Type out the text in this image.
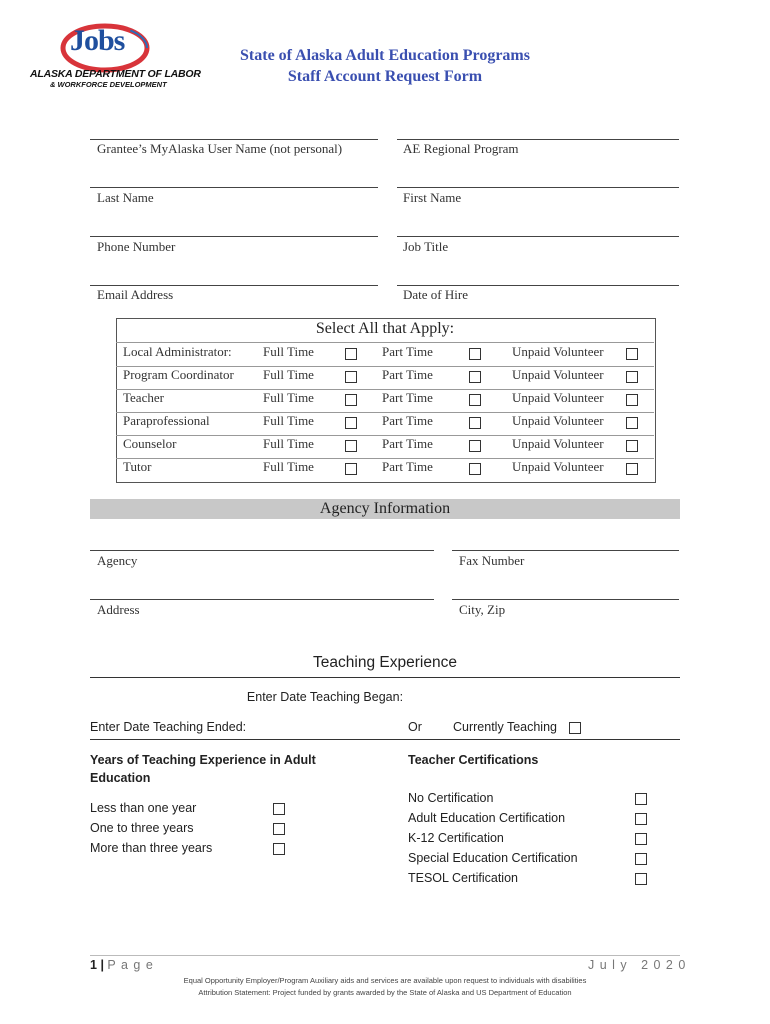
Jobs
ALASKA DEPARTMENT OF LABOR
& WORKFORCE DEVELOPMENT
State of Alaska Adult Education Programs
Staff Account Request Form
Grantee’s MyAlaska User Name (not personal)	AE Regional Program
Last Name	First Name
Phone Number	Job Title
Email Address	Date of Hire
Select All that Apply:
Local Administrator: Full Time	Part Time	Unpaid Volunteer
Program Coordinator Full Time	Part Time	Unpaid Volunteer
Teacher	Full Time	Part Time	Unpaid Volunteer
Paraprofessional	Full Time	Part Time	Unpaid Volunteer
Counselor	Full Time	Part Time	Unpaid Volunteer
Tutor	Full Time	Part Time	Unpaid Volunteer
Agency Information
Agency	Fax Number
Address	City, Zip
Teaching Experience
Enter Date Teaching Began:
Enter Date Teaching Ended:	Or Currently Teaching
Years of Teaching Experience in Adult
Education
Teacher Certifications
Less than one year
One to three years
More than three years
No Certification
Adult Education Certification
K-12 Certification
Special Education Certification
TESOL Certification
1 | P a g e	J u l y   2 0 2 0
Equal Opportunity Employer/Program Auxiliary aids and services are available upon request to individuals with disabilities
Attribution Statement: Project funded by grants awarded by the State of Alaska and US Department of Education
